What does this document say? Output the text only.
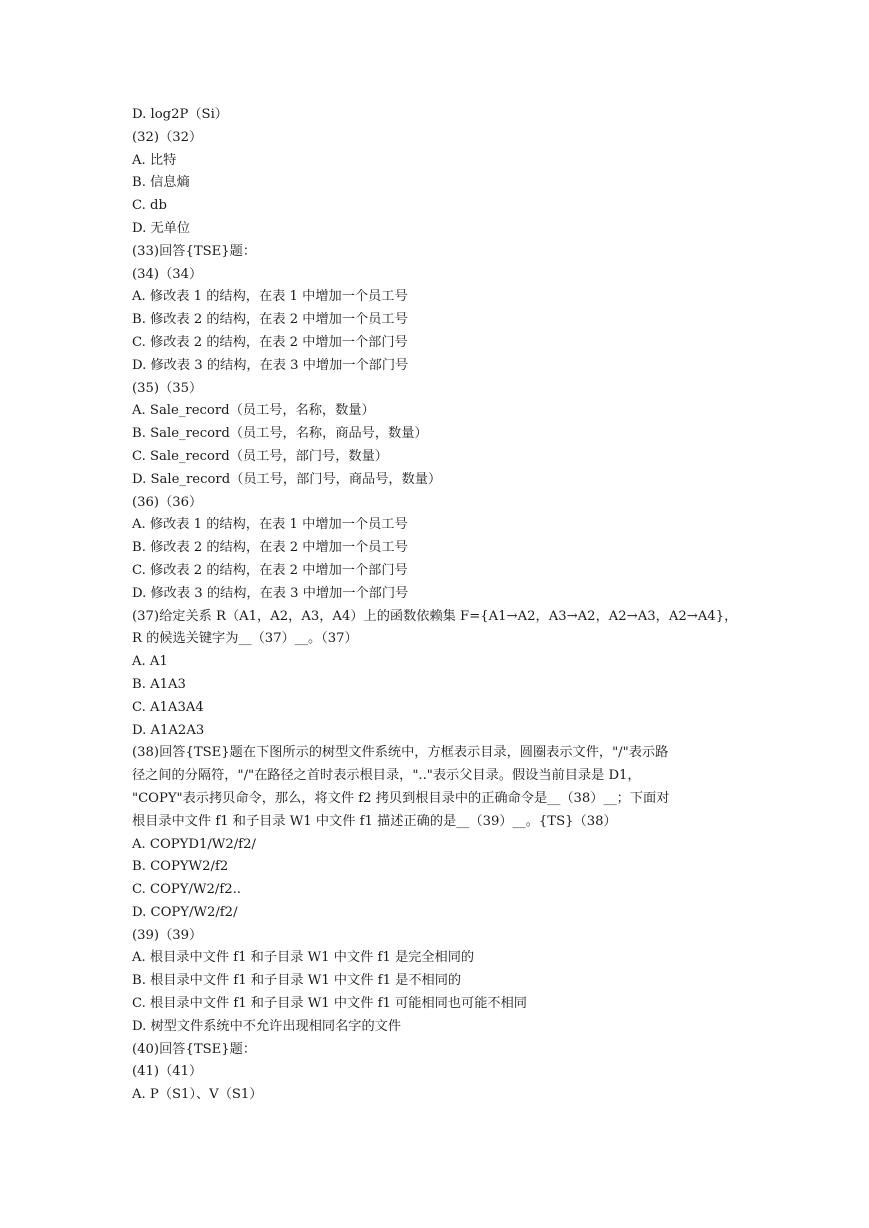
D. log2P（Si）
(32)（32）
A. 比特
B. 信息熵
C. db
D. 无单位
(33)回答{TSE}题：
(34)（34）
A. 修改表 1 的结构，在表 1 中增加一个员工号
B. 修改表 2 的结构，在表 2 中增加一个员工号
C. 修改表 2 的结构，在表 2 中增加一个部门号
D. 修改表 3 的结构，在表 3 中增加一个部门号
(35)（35）
A. Sale_record（员工号，名称，数量）
B. Sale_record（员工号，名称，商品号，数量）
C. Sale_record（员工号，部门号，数量）
D. Sale_record（员工号，部门号，商品号，数量）
(36)（36）
A. 修改表 1 的结构，在表 1 中增加一个员工号
B. 修改表 2 的结构，在表 2 中增加一个员工号
C. 修改表 2 的结构，在表 2 中增加一个部门号
D. 修改表 3 的结构，在表 3 中增加一个部门号
(37)给定关系 R（A1，A2，A3，A4）上的函数依赖集 F={A1→A2，A3→A2，A2→A3，A2→A4}，
R 的候选关键字为__（37）__。（37）
A. A1
B. A1A3
C. A1A3A4
D. A1A2A3
(38)回答{TSE}题在下图所示的树型文件系统中，方框表示目录，圆圈表示文件，"/"表示路
径之间的分隔符，"/"在路径之首时表示根目录，".."表示父目录。假设当前目录是 D1，
"COPY"表示拷贝命令，那么，将文件 f2 拷贝到根目录中的正确命令是__（38）__；下面对
根目录中文件 f1 和子目录 W1 中文件 f1 描述正确的是__（39）__。{TS}（38）
A. COPYD1/W2/f2/
B. COPYW2/f2
C. COPY/W2/f2..
D. COPY/W2/f2/
(39)（39）
A. 根目录中文件 f1 和子目录 W1 中文件 f1 是完全相同的
B. 根目录中文件 f1 和子目录 W1 中文件 f1 是不相同的
C. 根目录中文件 f1 和子目录 W1 中文件 f1 可能相同也可能不相同
D. 树型文件系统中不允许出现相同名字的文件
(40)回答{TSE}题：
(41)（41）
A. P（S1）、V（S1）
